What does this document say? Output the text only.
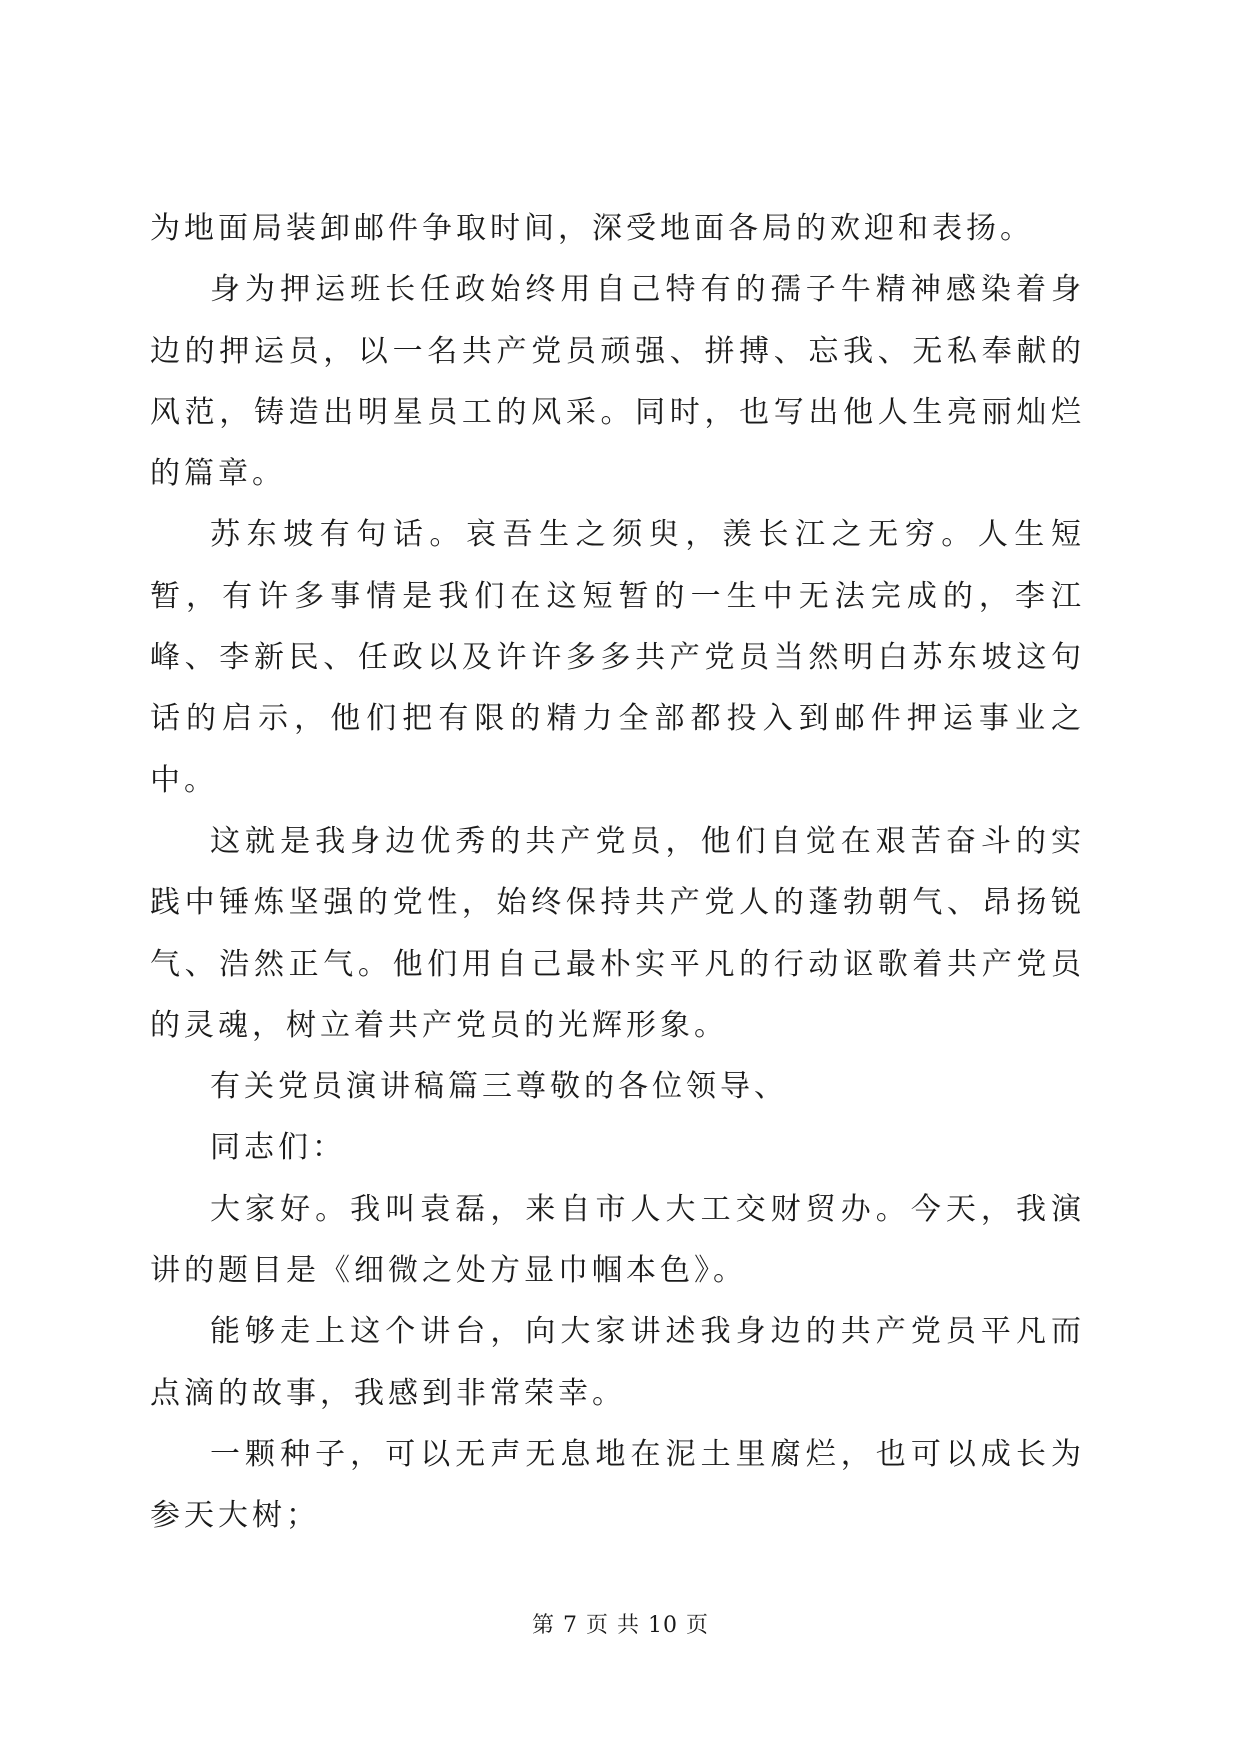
为地面局装卸邮件争取时间，深受地面各局的欢迎和表扬。

身为押运班长任政始终用自己特有的孺子牛精神感染着身边的押运员，以一名共产党员顽强、拼搏、忘我、无私奉献的风范，铸造出明星员工的风采。同时，也写出他人生亮丽灿烂的篇章。

苏东坡有句话。哀吾生之须臾，羡长江之无穷。人生短暂，有许多事情是我们在这短暂的一生中无法完成的，李江峰、李新民、任政以及许许多多共产党员当然明白苏东坡这句话的启示，他们把有限的精力全部都投入到邮件押运事业之中。

这就是我身边优秀的共产党员，他们自觉在艰苦奋斗的实践中锤炼坚强的党性，始终保持共产党人的蓬勃朝气、昂扬锐气、浩然正气。他们用自己最朴实平凡的行动讴歌着共产党员的灵魂，树立着共产党员的光辉形象。

有关党员演讲稿篇三尊敬的各位领导、

同志们：

大家好。我叫袁磊，来自市人大工交财贸办。今天，我演讲的题目是《细微之处方显巾帼本色》。

能够走上这个讲台，向大家讲述我身边的共产党员平凡而点滴的故事，我感到非常荣幸。

一颗种子，可以无声无息地在泥土里腐烂，也可以成长为参天大树；

第 7 页 共 10 页
